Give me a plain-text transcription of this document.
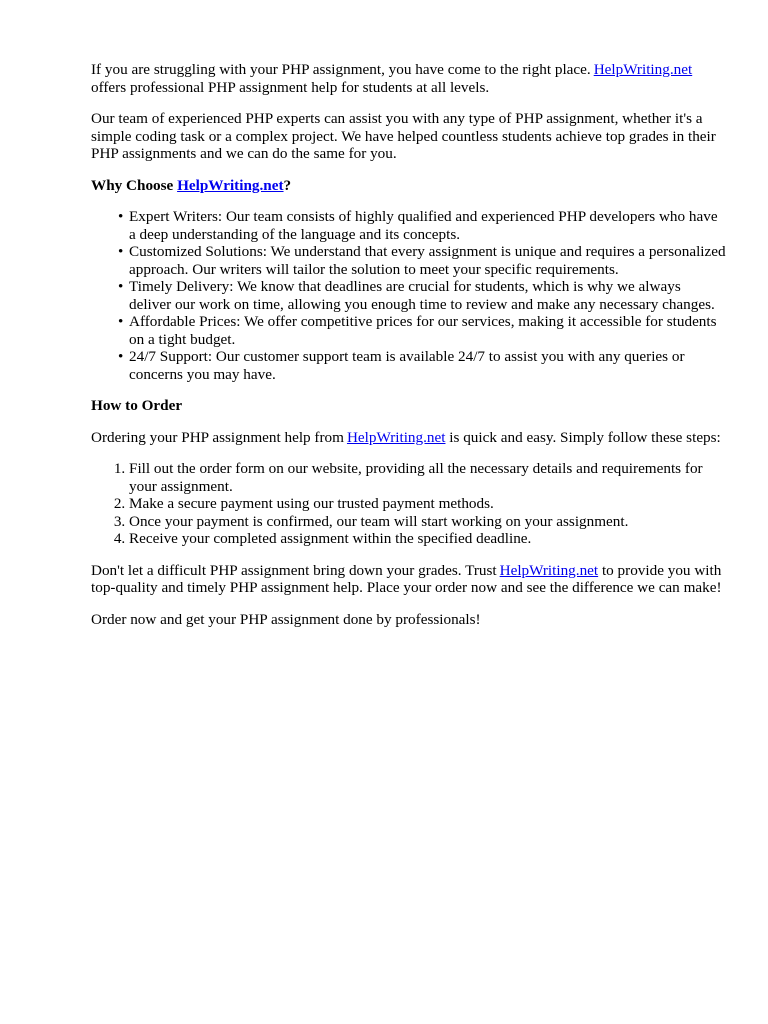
If you are struggling with your PHP assignment, you have come to the right place. HelpWriting.net
offers professional PHP assignment help for students at all levels.

Our team of experienced PHP experts can assist you with any type of PHP assignment, whether it's a simple coding task or a complex project. We have helped countless students achieve top grades in their PHP assignments and we can do the same for you.

Why Choose HelpWriting.net?
• Expert Writers: Our team consists of highly qualified and experienced PHP developers who have a deep understanding of the language and its concepts.
• Customized Solutions: We understand that every assignment is unique and requires a personalized approach. Our writers will tailor the solution to meet your specific requirements.
• Timely Delivery: We know that deadlines are crucial for students, which is why we always deliver our work on time, allowing you enough time to review and make any necessary changes.
• Affordable Prices: We offer competitive prices for our services, making it accessible for students on a tight budget.
• 24/7 Support: Our customer support team is available 24/7 to assist you with any queries or concerns you may have.
How to Order

Ordering your PHP assignment help from HelpWriting.net is quick and easy. Simply follow these steps:

1. Fill out the order form on our website, providing all the necessary details and requirements for your assignment.
2. Make a secure payment using our trusted payment methods.
3. Once your payment is confirmed, our team will start working on your assignment.
4. Receive your completed assignment within the specified deadline.

Don't let a difficult PHP assignment bring down your grades. Trust HelpWriting.net to provide you with top-quality and timely PHP assignment help. Place your order now and see the difference we can make!

Order now and get your PHP assignment done by professionals!
